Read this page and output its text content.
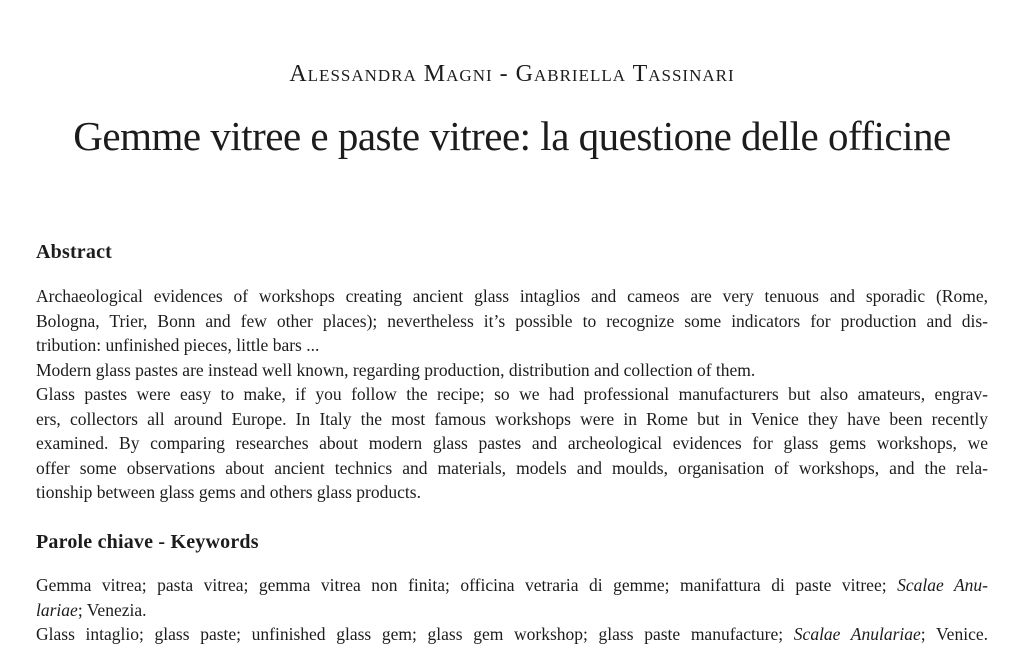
Alessandra Magni - Gabriella Tassinari
Gemme vitree e paste vitree: la questione delle officine
Abstract
Archaeological evidences of workshops creating ancient glass intaglios and cameos are very tenuous and sporadic (Rome,
Bologna, Trier, Bonn and few other places); nevertheless it’s possible to recognize some indicators for production and dis-
tribution: unfinished pieces, little bars ...
Modern glass pastes are instead well known, regarding production, distribution and collection of them.
Glass pastes were easy to make, if you follow the recipe; so we had professional manufacturers but also amateurs, engrav-
ers, collectors all around Europe. In Italy the most famous workshops were in Rome but in Venice they have been recently
examined. By comparing researches about modern glass pastes and archeological evidences for glass gems workshops, we
offer some observations about ancient technics and materials, models and moulds, organisation of workshops, and the rela-
tionship between glass gems and others glass products.
Parole chiave - Keywords
Gemma vitrea; pasta vitrea; gemma vitrea non finita; officina vetraria di gemme; manifattura di paste vitree; Scalae Anu-
lariae; Venezia.
Glass intaglio; glass paste; unfinished glass gem; glass gem workshop; glass paste manufacture; Scalae Anulariae; Venice.
